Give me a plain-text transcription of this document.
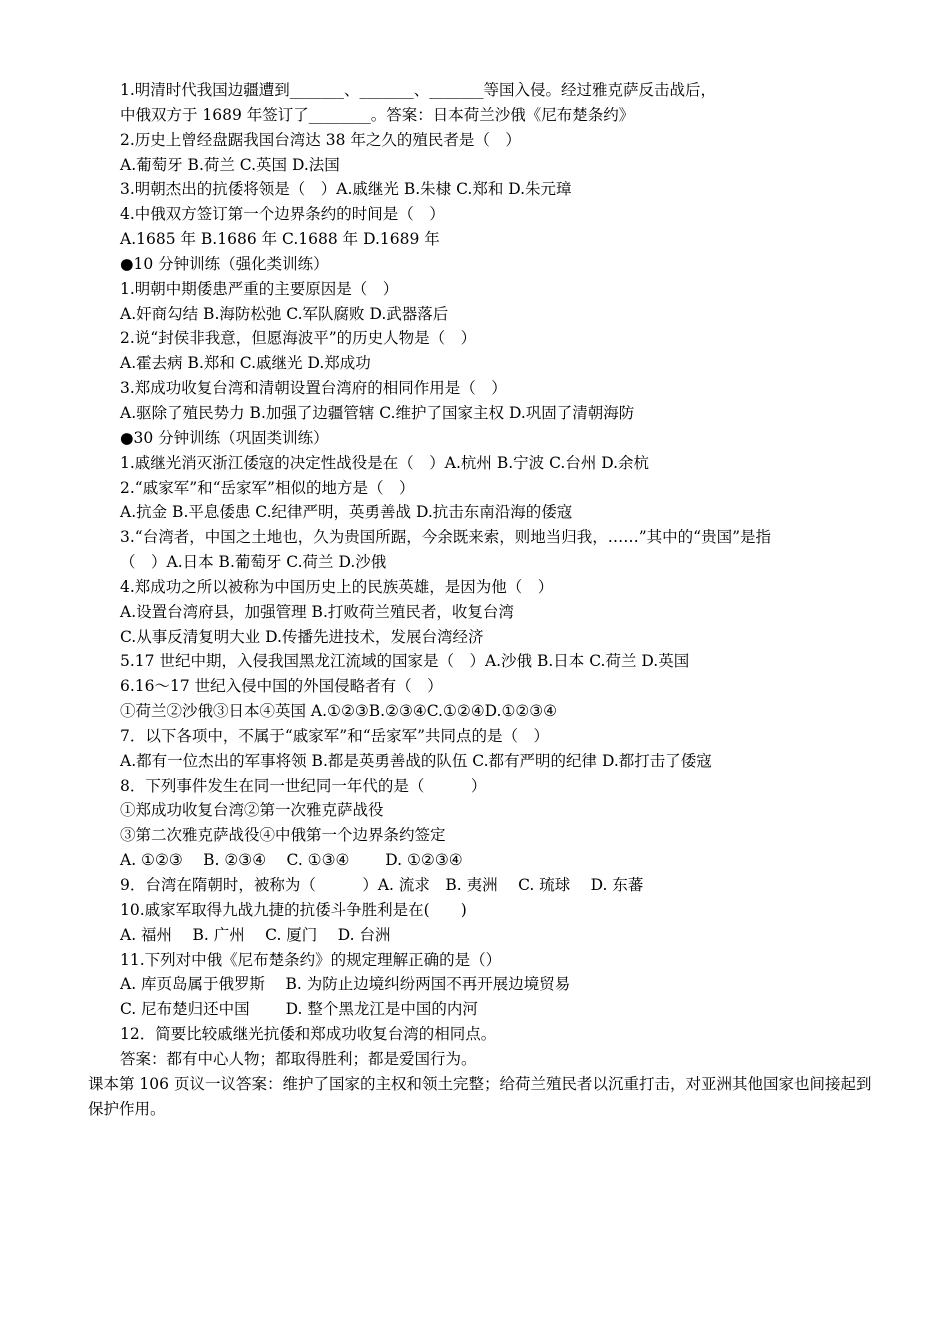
1.明清时代我国边疆遭到_______、_______、_______等国入侵。经过雅克萨反击战后，
中俄双方于 1689 年签订了________。答案：日本荷兰沙俄《尼布楚条约》
2.历史上曾经盘踞我国台湾达 38 年之久的殖民者是（　）
A.葡萄牙 B.荷兰 C.英国 D.法国
3.明朝杰出的抗倭将领是（　）A.戚继光 B.朱棣 C.郑和 D.朱元璋
4.中俄双方签订第一个边界条约的时间是（　）
A.1685 年 B.1686 年 C.1688 年 D.1689 年
●10 分钟训练（强化类训练）
1.明朝中期倭患严重的主要原因是（　）
A.奸商勾结 B.海防松弛 C.军队腐败 D.武器落后
2.说“封侯非我意，但愿海波平”的历史人物是（　）
A.霍去病 B.郑和 C.戚继光 D.郑成功
3.郑成功收复台湾和清朝设置台湾府的相同作用是（　）
A.驱除了殖民势力 B.加强了边疆管辖 C.维护了国家主权 D.巩固了清朝海防
●30 分钟训练（巩固类训练）
1.戚继光消灭浙江倭寇的决定性战役是在（　）A.杭州 B.宁波 C.台州 D.余杭
2.“戚家军”和“岳家军”相似的地方是（　）
A.抗金 B.平息倭患 C.纪律严明，英勇善战 D.抗击东南沿海的倭寇
3.“台湾者，中国之土地也，久为贵国所踞，今余既来索，则地当归我，……”其中的“贵国”是指
（　）A.日本 B.葡萄牙 C.荷兰 D.沙俄
4.郑成功之所以被称为中国历史上的民族英雄，是因为他（　）
A.设置台湾府县，加强管理 B.打败荷兰殖民者，收复台湾
C.从事反清复明大业 D.传播先进技术，发展台湾经济
5.17 世纪中期，入侵我国黑龙江流域的国家是（　）A.沙俄 B.日本 C.荷兰 D.英国
6.16～17 世纪入侵中国的外国侵略者有（　）
①荷兰②沙俄③日本④英国 A.①②③B.②③④C.①②④D.①②③④
7．以下各项中，不属于“戚家军”和“岳家军”共同点的是（　）
A.都有一位杰出的军事将领 B.都是英勇善战的队伍 C.都有严明的纪律 D.都打击了倭寇
8．下列事件发生在同一世纪同一年代的是（　　　）
①郑成功收复台湾②第一次雅克萨战役
③第二次雅克萨战役④中俄第一个边界条约签定
A. ①②③　 B. ②③④　 C. ①③④　　 D. ①②③④
9．台湾在隋朝时，被称为（　　　）A. 流求　B. 夷洲　 C. 琉球　 D. 东蕃
10.戚家军取得九战九捷的抗倭斗争胜利是在(　　)
A. 福州　 B. 广州　 C. 厦门　 D. 台洲
11.下列对中俄《尼布楚条约》的规定理解正确的是（）
A. 库页岛属于俄罗斯　 B. 为防止边境纠纷两国不再开展边境贸易
C. 尼布楚归还中国　　 D. 整个黑龙江是中国的内河
12．简要比较戚继光抗倭和郑成功收复台湾的相同点。
答案：都有中心人物；都取得胜利；都是爱国行为。
课本第 106 页议一议答案：维护了国家的主权和领土完整；给荷兰殖民者以沉重打击，对亚洲其他国家也间接起到保护作用。
